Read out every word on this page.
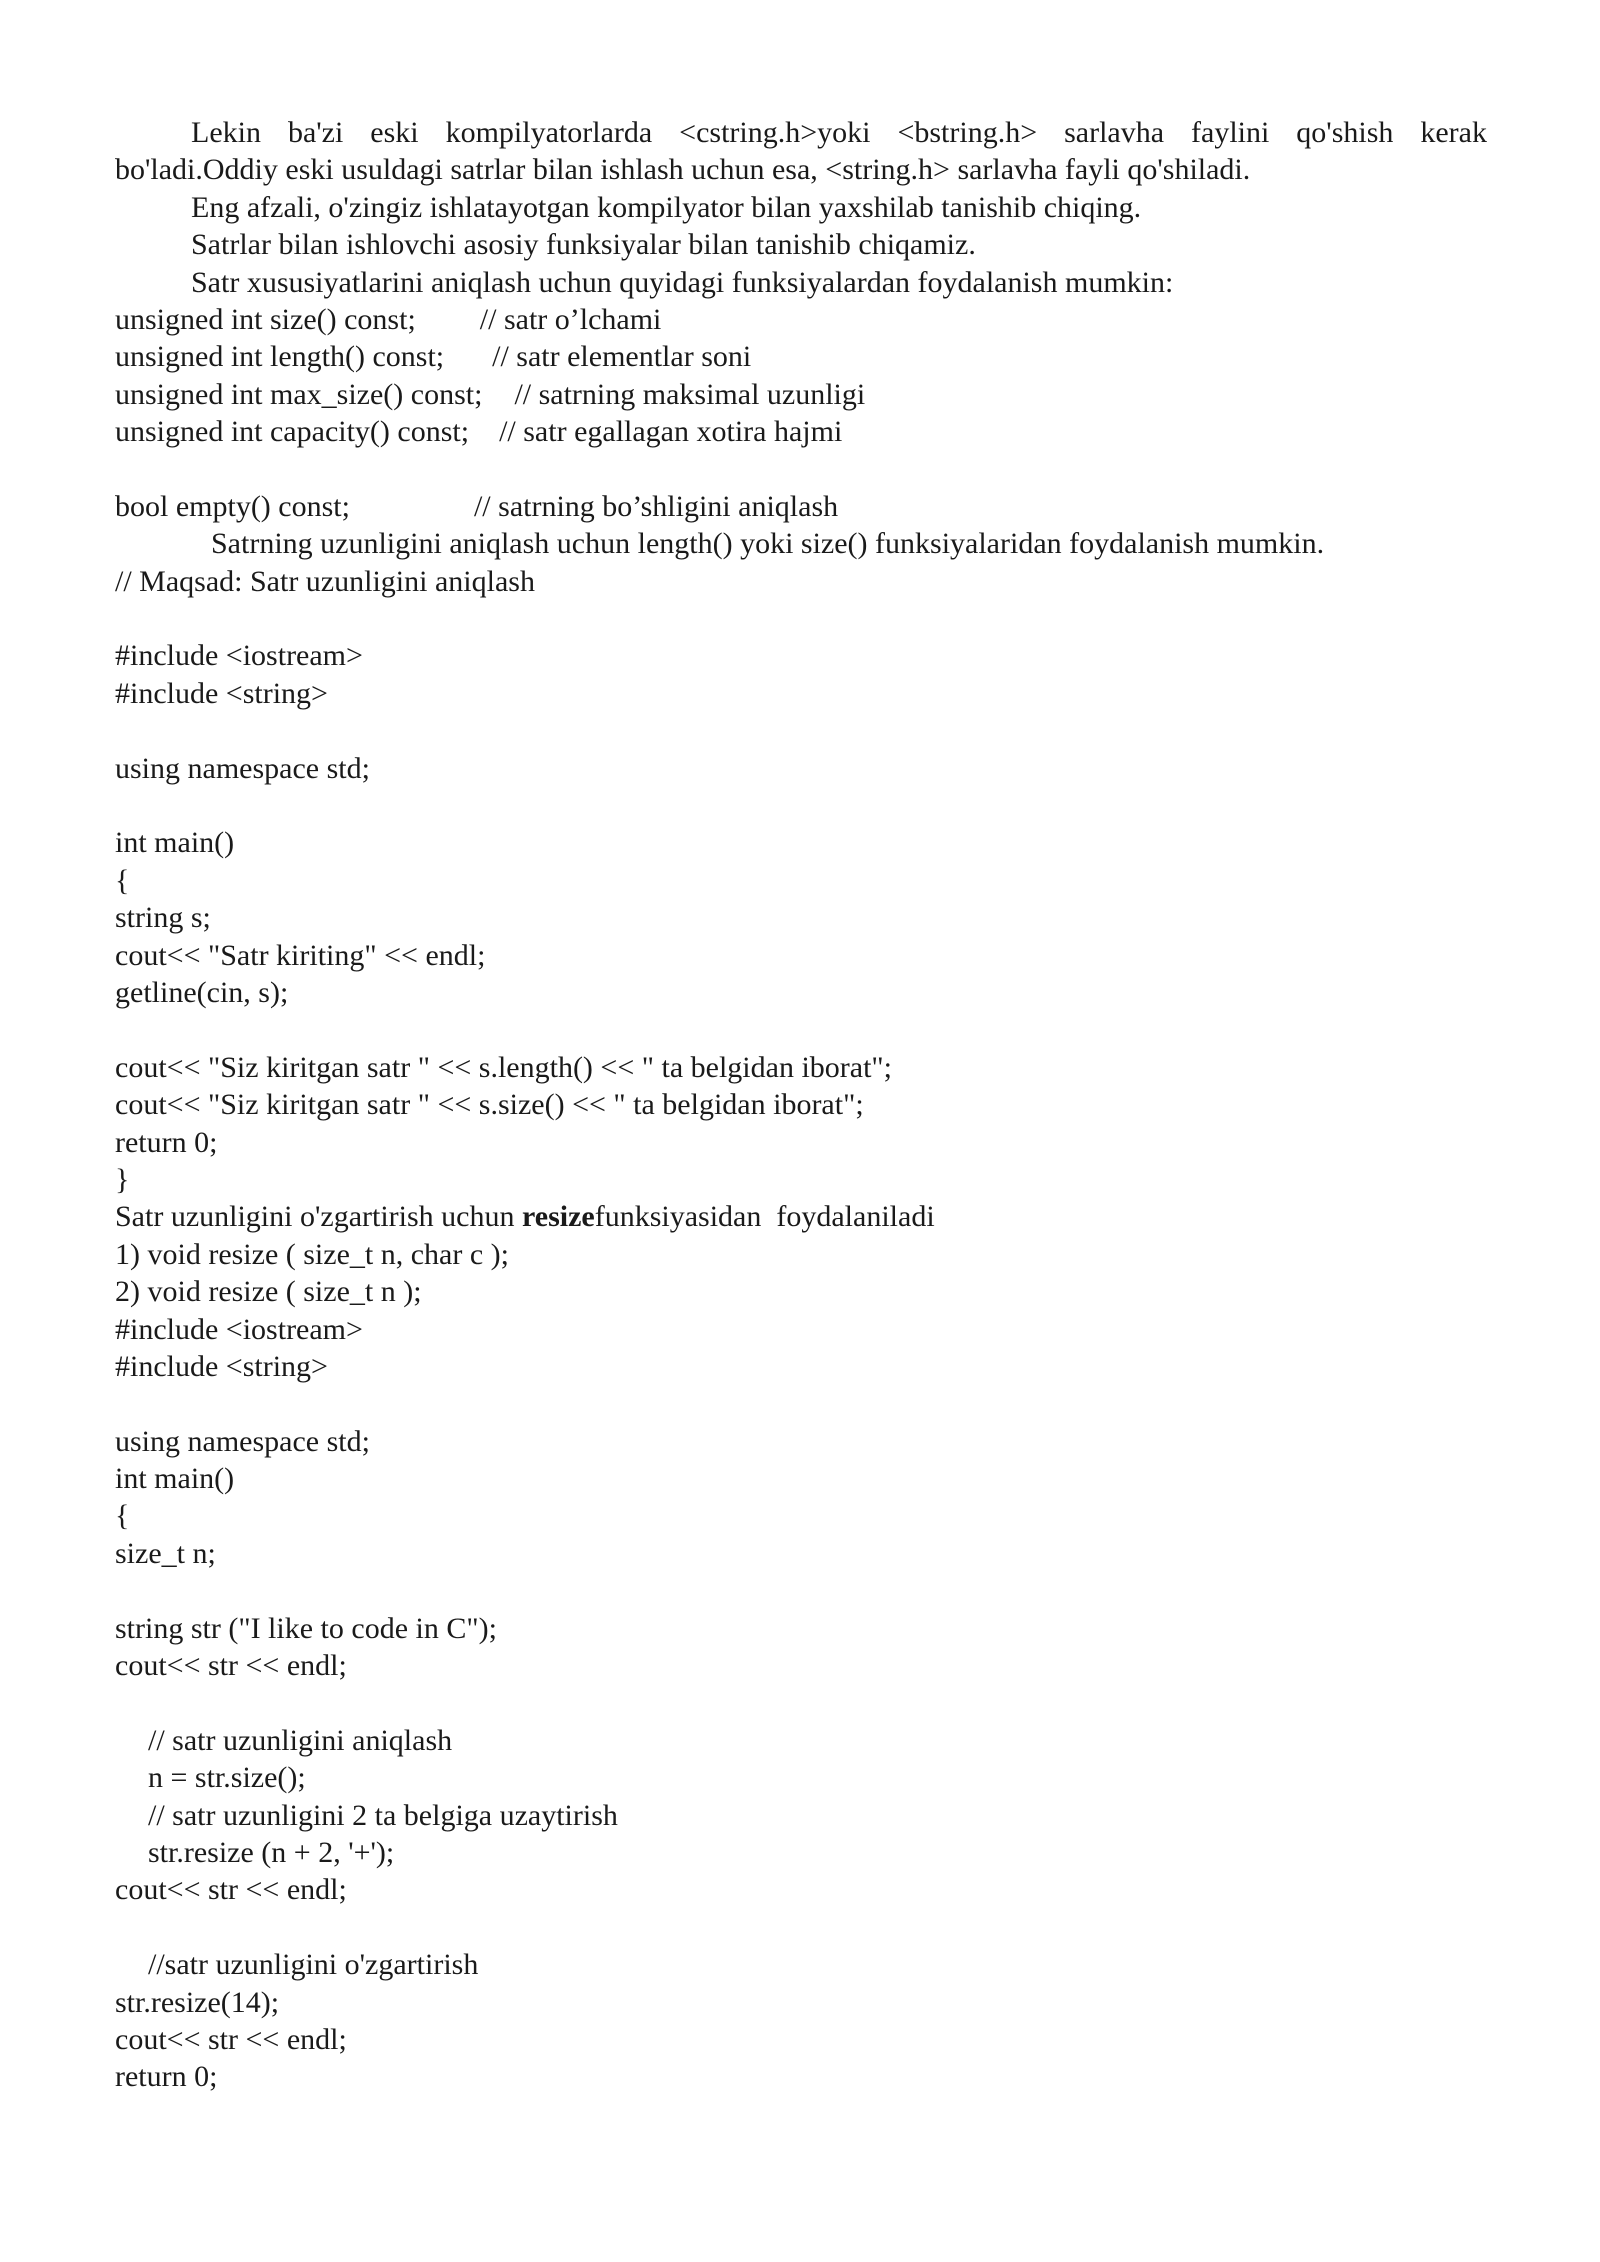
Lekin ba'zi eski kompilyatorlarda <cstring.h>yoki <bstring.h> sarlavha faylini qo'shish kerak
bo'ladi.Oddiy eski usuldagi satrlar bilan ishlash uchun esa, <string.h> sarlavha fayli qo'shiladi.
Eng afzali, o'zingiz ishlatayotgan kompilyator bilan yaxshilab tanishib chiqing.
Satrlar bilan ishlovchi asosiy funksiyalar bilan tanishib chiqamiz.
Satr xususiyatlarini aniqlash uchun quyidagi funksiyalardan foydalanish mumkin:
unsigned int size() const; // satr o’lchami
unsigned int length() const; // satr elementlar soni
unsigned int max_size() const; // satrning maksimal uzunligi
unsigned int capacity() const; // satr egallagan xotira hajmi
bool empty() const;	// satrning bo’shligini aniqlash
Satrning uzunligini aniqlash uchun length() yoki size() funksiyalaridan foydalanish mumkin.
// Maqsad: Satr uzunligini aniqlash
#include <iostream>
#include <string>
using namespace std;
int main()
{
string s;
cout<< "Satr kiriting" << endl;
getline(cin, s);
cout<< "Siz kiritgan satr " << s.length() << " ta belgidan iborat";
cout<< "Siz kiritgan satr " << s.size() << " ta belgidan iborat";
return 0;
}
Satr uzunligini o'zgartirish uchun resizefunksiyasidan  foydalaniladi
1) void resize ( size_t n, char c );
2) void resize ( size_t n );
#include <iostream>
#include <string>
using namespace std;
int main()
{
size_t n;
string str ("I like to code in C");
cout<< str << endl;
// satr uzunligini aniqlash
n = str.size();
// satr uzunligini 2 ta belgiga uzaytirish
str.resize (n + 2, '+');
cout<< str << endl;
//satr uzunligini o'zgartirish
str.resize(14);
cout<< str << endl;
return 0;
